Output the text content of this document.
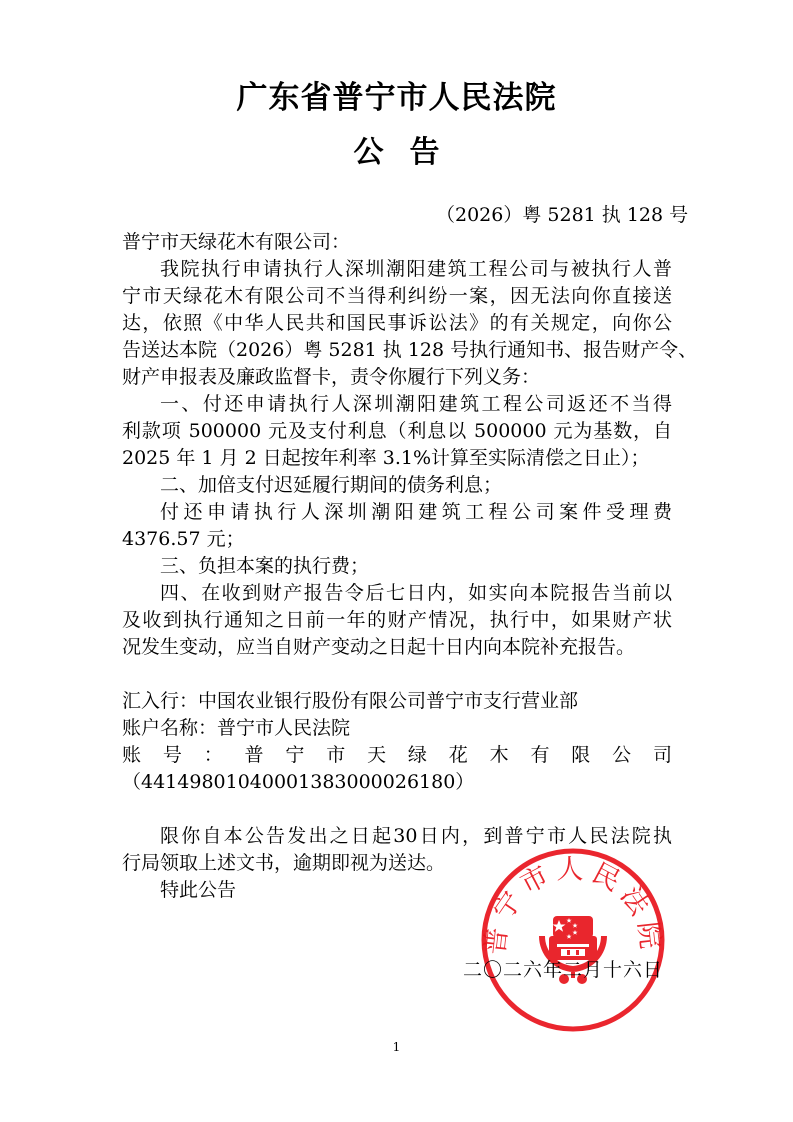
广东省普宁市人民法院
公告
（2026）粤 5281 执 128 号
普宁市天绿花木有限公司：
我院执行申请执行人深圳潮阳建筑工程公司与被执行人普
宁市天绿花木有限公司不当得利纠纷一案，因无法向你直接送
达，依照《中华人民共和国民事诉讼法》的有关规定，向你公
告送达本院（2026）粤 5281 执 128 号执行通知书、报告财产令、
财产申报表及廉政监督卡，责令你履行下列义务：
一、付还申请执行人深圳潮阳建筑工程公司返还不当得
利款项 500000 元及支付利息（利息以 500000 元为基数，自
2025 年 1 月 2 日起按年利率 3.1%计算至实际清偿之日止）；
二、加倍支付迟延履行期间的债务利息；
付还申请执行人深圳潮阳建筑工程公司案件受理费
4376.57 元；
三、负担本案的执行费；
四、在收到财产报告令后七日内，如实向本院报告当前以
及收到执行通知之日前一年的财产情况，执行中，如果财产状
况发生变动，应当自财产变动之日起十日内向本院补充报告。
汇入行：中国农业银行股份有限公司普宁市支行营业部
账户名称：普宁市人民法院
账 号 ： 普 宁 市 天 绿 花 木 有 限 公 司
（44149801040001383000026180）
限你自本公告发出之日起30日内，到普宁市人民法院执
行局领取上述文书，逾期即视为送达。
特此公告
普宁市人民法院
二〇二六年二月十六日
1
